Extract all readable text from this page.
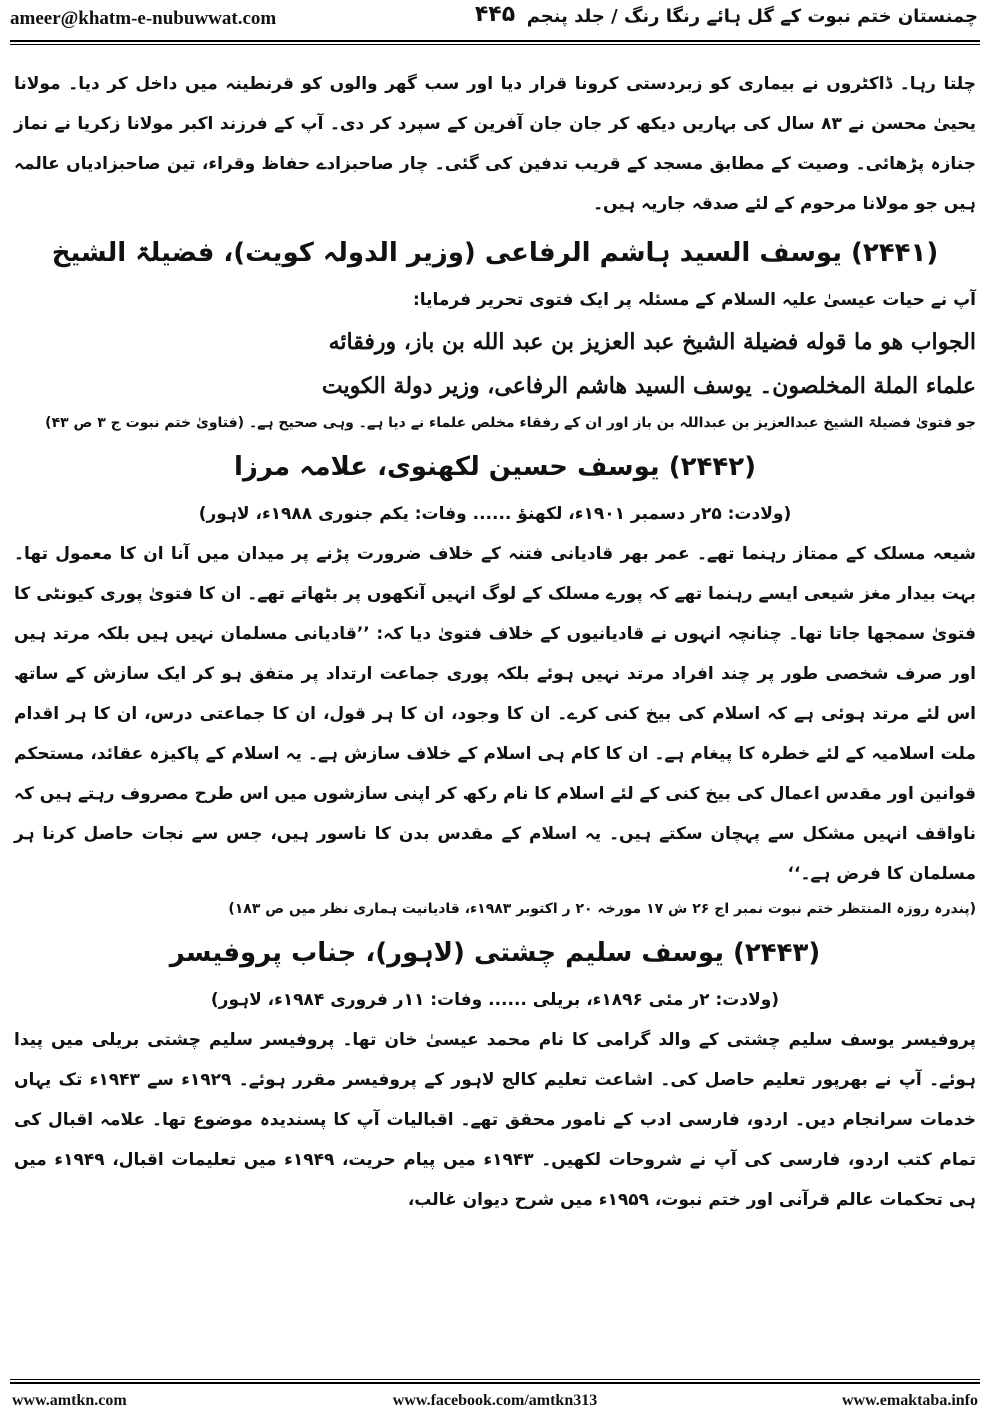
ameer@khatm-e-nubuwwat.com	۴۴۵ چمنستان ختم نبوت کے گل ہائے رنگا رنگ / جلد پنجم

چلتا رہا۔ ڈاکٹروں نے بیماری کو زبردستی کرونا قرار دیا اور سب گھر والوں کو قرنطینہ میں داخل کر دیا۔ مولانا یحییٰ محسن نے ۸۳ سال کی بہاریں دیکھ کر جان جان آفرین کے سپرد کر دی۔ آپ کے فرزند اکبر مولانا زکریا نے نماز جنازہ پڑھائی۔ وصیت کے مطابق مسجد کے قریب تدفین کی گئی۔ چار صاحبزادے حفاظ وقراء، تین صاحبزادیاں عالمہ ہیں جو مولانا مرحوم کے لئے صدقہ جاریہ ہیں۔

(۲۴۴۱) یوسف السید ہاشم الرفاعی (وزیر الدولہ کویت)، فضیلۃ الشیخ

آپ نے حیات عیسیٰ علیہ السلام کے مسئلہ پر ایک فتوی تحریر فرمایا:

الجواب هو ما قوله فضيلة الشيخ عبد العزيز بن عبد الله بن باز، ورفقائه

علماء الملة المخلصون۔ یوسف السید هاشم الرفاعی، وزیر دولة الکویت

جو فتویٰ فضیلۃ الشیخ عبدالعزیز بن عبداللہ بن باز اور ان کے رفقاء مخلص علماء نے دیا ہے۔ وہی صحیح ہے۔ (فتاویٰ ختم نبوت ج ۳ ص ۴۳)

(۲۴۴۲) یوسف حسین لکھنوی، علامہ مرزا

(ولادت: ۲۵ر دسمبر ۱۹۰۱ء، لکھنؤ ...... وفات: یکم جنوری ۱۹۸۸ء، لاہور)

شیعہ مسلک کے ممتاز رہنما تھے۔ عمر بھر قادیانی فتنہ کے خلاف ضرورت پڑنے پر میدان میں آنا ان کا معمول تھا۔ بہت بیدار مغز شیعی ایسے رہنما تھے کہ پورے مسلک کے لوگ انہیں آنکھوں پر بٹھاتے تھے۔ ان کا فتویٰ پوری کیونٹی کا فتویٰ سمجھا جاتا تھا۔ چنانچہ انہوں نے قادیانیوں کے خلاف فتویٰ دیا کہ: ’’قادیانی مسلمان نہیں ہیں بلکہ مرتد ہیں اور صرف شخصی طور پر چند افراد مرتد نہیں ہوئے بلکہ پوری جماعت ارتداد پر متفق ہو کر ایک سازش کے ساتھ اس لئے مرتد ہوئی ہے کہ اسلام کی بیخ کنی کرے۔ ان کا وجود، ان کا ہر قول، ان کا جماعتی درس، ان کا ہر اقدام ملت اسلامیہ کے لئے خطرہ کا پیغام ہے۔ ان کا کام ہی اسلام کے خلاف سازش ہے۔ یہ اسلام کے پاکیزہ عقائد، مستحکم قوانین اور مقدس اعمال کی بیخ کنی کے لئے اسلام کا نام رکھ کر اپنی سازشوں میں اس طرح مصروف رہتے ہیں کہ ناواقف انہیں مشکل سے پہچان سکتے ہیں۔ یہ اسلام کے مقدس بدن کا ناسور ہیں، جس سے نجات حاصل کرنا ہر مسلمان کا فرض ہے۔‘‘

(پندرہ روزہ المنتظر ختم نبوت نمبر اج ۲۶ ش ۱۷ مورخہ ۲۰ ر اکتوبر ۱۹۸۳ء، قادیانیت ہماری نظر میں ص ۱۸۳)

(۲۴۴۳) یوسف سلیم چشتی (لاہور)، جناب پروفیسر

(ولادت: ۲ر مئی ۱۸۹۶ء، بریلی ...... وفات: ۱۱ر فروری ۱۹۸۴ء، لاہور)

پروفیسر یوسف سلیم چشتی کے والد گرامی کا نام محمد عیسیٰ خان تھا۔ پروفیسر سلیم چشتی بریلی میں پیدا ہوئے۔ آپ نے بھرپور تعلیم حاصل کی۔ اشاعت تعلیم کالج لاہور کے پروفیسر مقرر ہوئے۔ ۱۹۲۹ء سے ۱۹۴۳ء تک یہاں خدمات سرانجام دیں۔ اردو، فارسی ادب کے نامور محقق تھے۔ اقبالیات آپ کا پسندیدہ موضوع تھا۔ علامہ اقبال کی تمام کتب اردو، فارسی کی آپ نے شروحات لکھیں۔ ۱۹۴۳ء میں پیام حریت، ۱۹۴۹ء میں تعلیمات اقبال، ۱۹۴۹ء میں ہی تحکمات عالم قرآنی اور ختم نبوت، ۱۹۵۹ء میں شرح دیوان غالب،

www.amtkn.com	www.facebook.com/amtkn313	www.emaktaba.info
